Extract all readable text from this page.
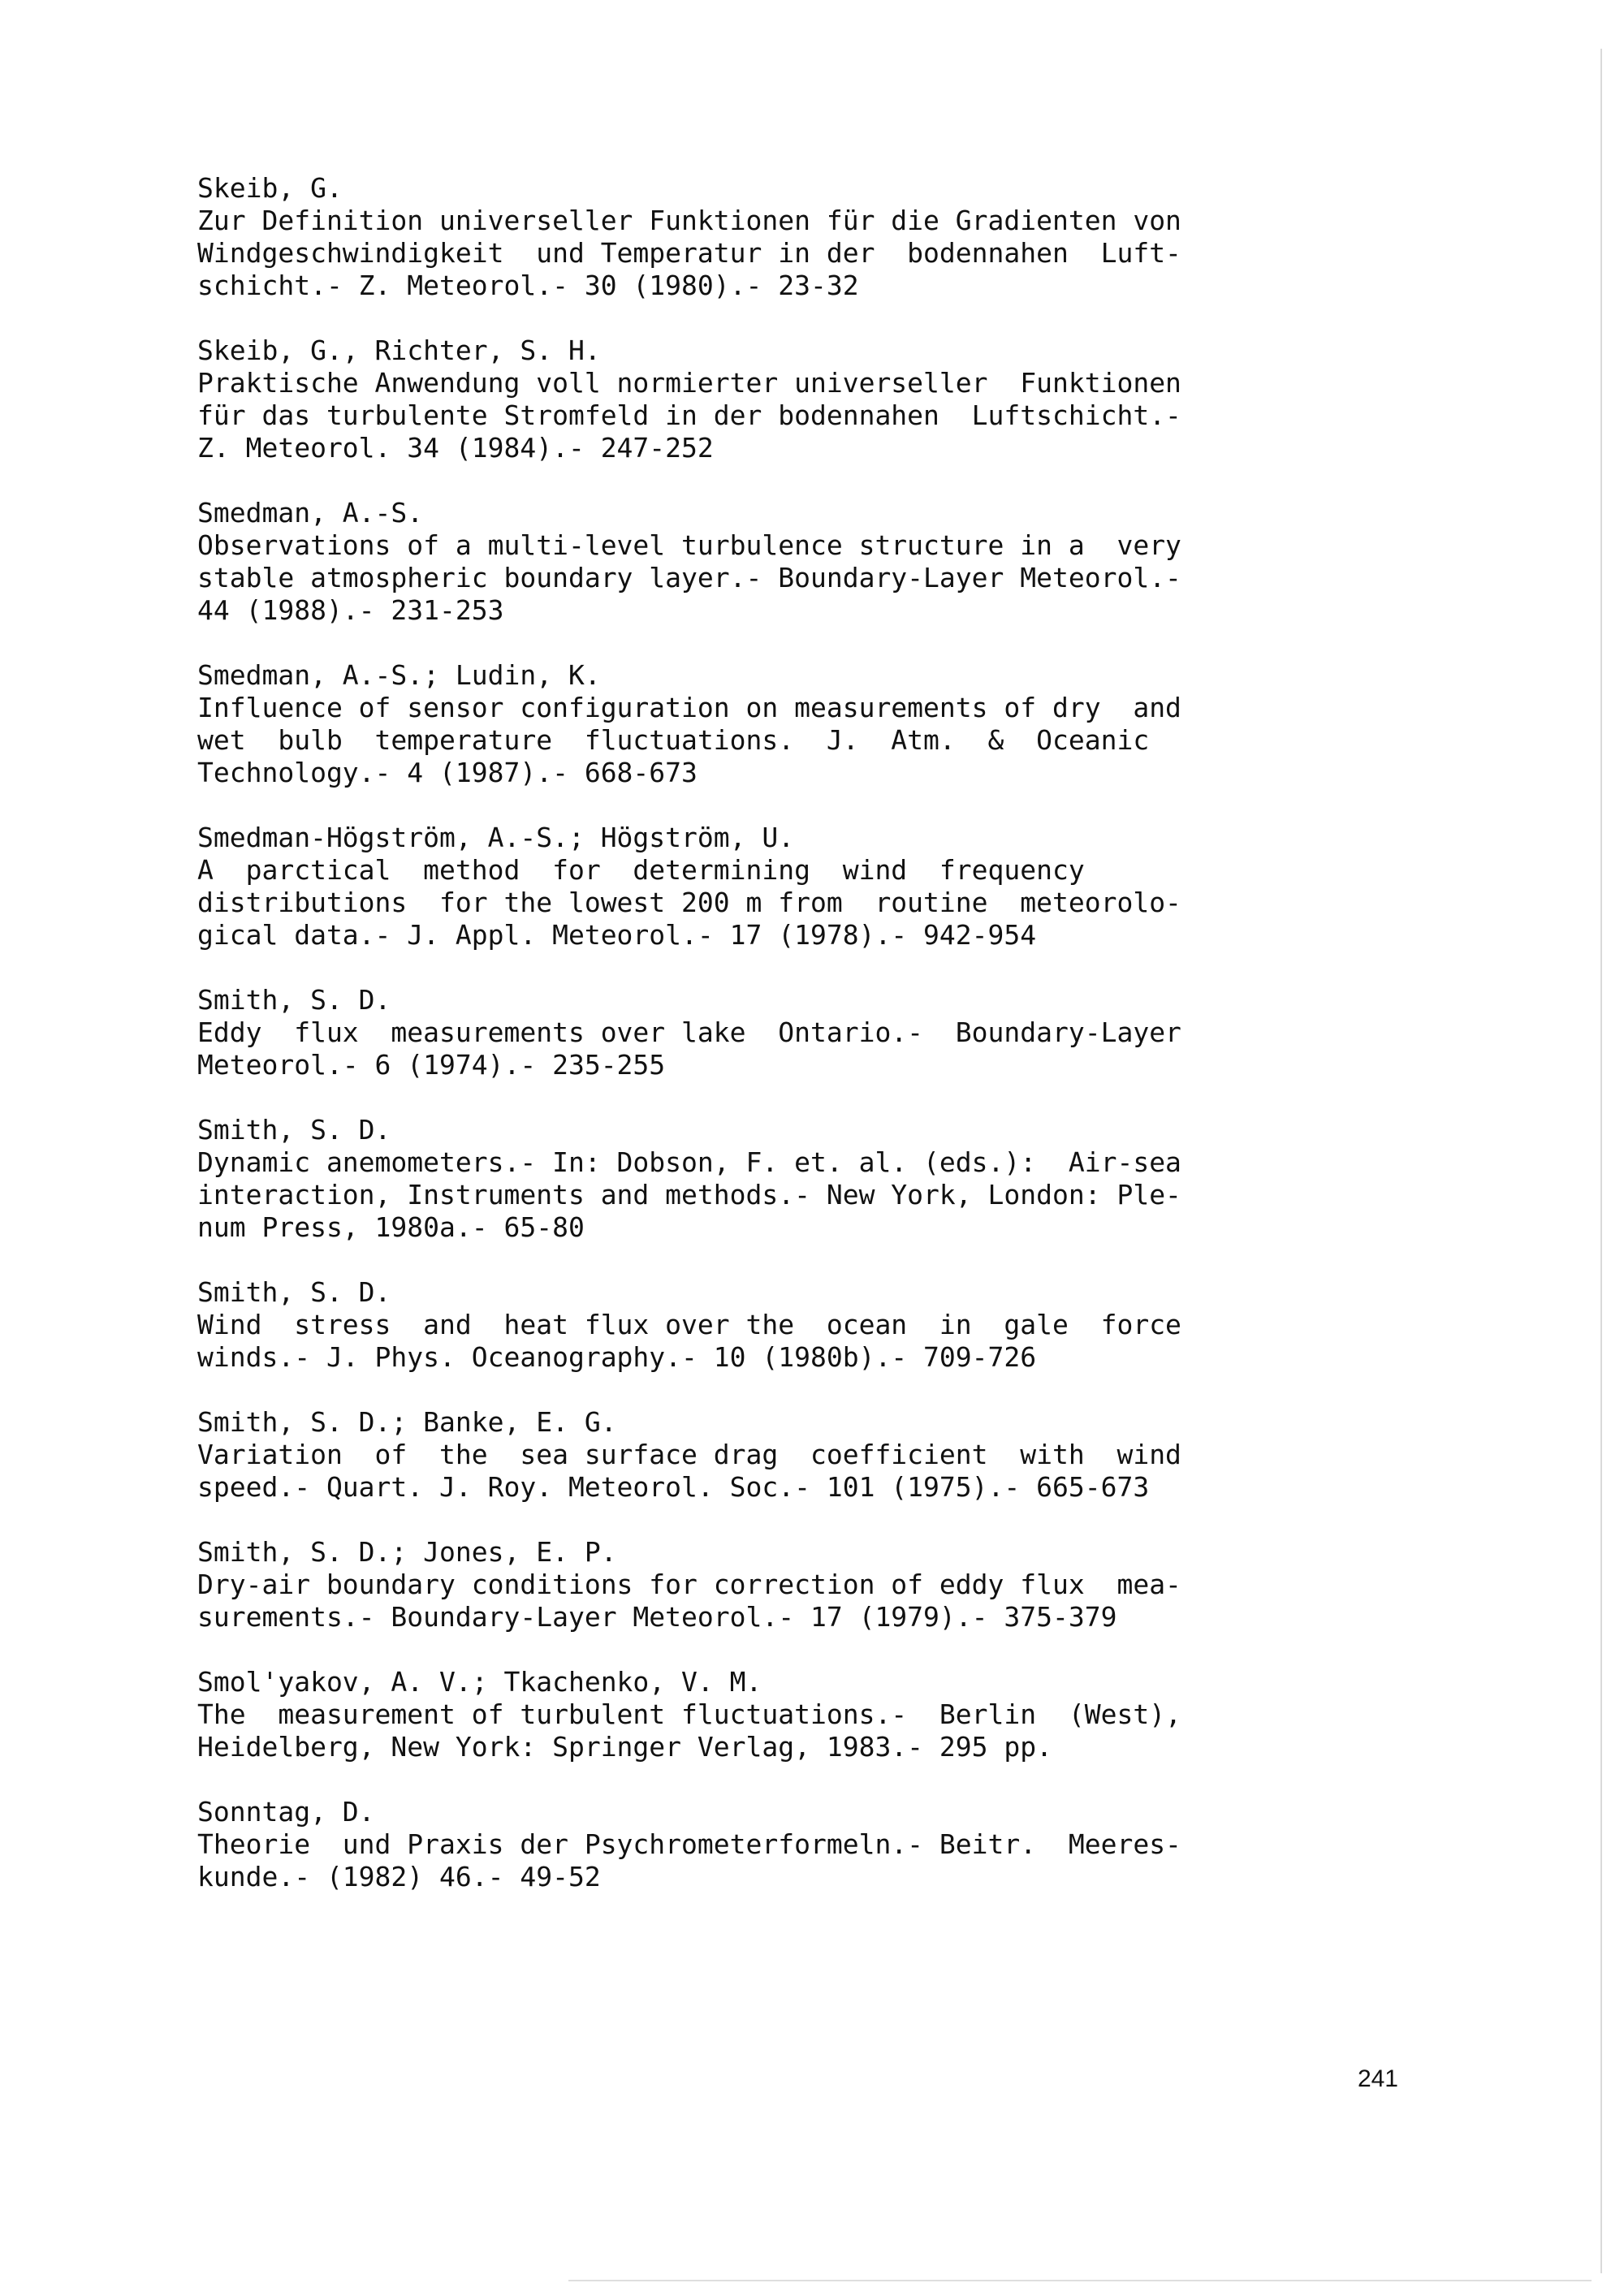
Skeib, G.
Zur Definition universeller Funktionen für die Gradienten von
Windgeschwindigkeit  und Temperatur in der  bodennahen  Luft-
schicht.- Z. Meteorol.- 30 (1980).- 23-32
Skeib, G., Richter, S. H.
Praktische Anwendung voll normierter universeller  Funktionen
für das turbulente Stromfeld in der bodennahen  Luftschicht.-
Z. Meteorol. 34 (1984).- 247-252
Smedman, A.-S.
Observations of a multi-level turbulence structure in a  very
stable atmospheric boundary layer.- Boundary-Layer Meteorol.-
44 (1988).- 231-253
Smedman, A.-S.; Ludin, K.
Influence of sensor configuration on measurements of dry  and
wet  bulb  temperature  fluctuations.  J.  Atm.  &  Oceanic
Technology.- 4 (1987).- 668-673
Smedman-Högström, A.-S.; Högström, U.
A  parctical  method  for  determining  wind  frequency
distributions  for the lowest 200 m from  routine  meteorolo-
gical data.- J. Appl. Meteorol.- 17 (1978).- 942-954
Smith, S. D.
Eddy  flux  measurements over lake  Ontario.-  Boundary-Layer
Meteorol.- 6 (1974).- 235-255
Smith, S. D.
Dynamic anemometers.- In: Dobson, F. et. al. (eds.):  Air-sea
interaction, Instruments and methods.- New York, London: Ple-
num Press, 1980a.- 65-80
Smith, S. D.
Wind  stress  and  heat flux over the  ocean  in  gale  force
winds.- J. Phys. Oceanography.- 10 (1980b).- 709-726
Smith, S. D.; Banke, E. G.
Variation  of  the  sea surface drag  coefficient  with  wind
speed.- Quart. J. Roy. Meteorol. Soc.- 101 (1975).- 665-673
Smith, S. D.; Jones, E. P.
Dry-air boundary conditions for correction of eddy flux  mea-
surements.- Boundary-Layer Meteorol.- 17 (1979).- 375-379
Smol'yakov, A. V.; Tkachenko, V. M.
The  measurement of turbulent fluctuations.-  Berlin  (West),
Heidelberg, New York: Springer Verlag, 1983.- 295 pp.
Sonntag, D.
Theorie  und Praxis der Psychrometerformeln.- Beitr.  Meeres-
kunde.- (1982) 46.- 49-52
241
